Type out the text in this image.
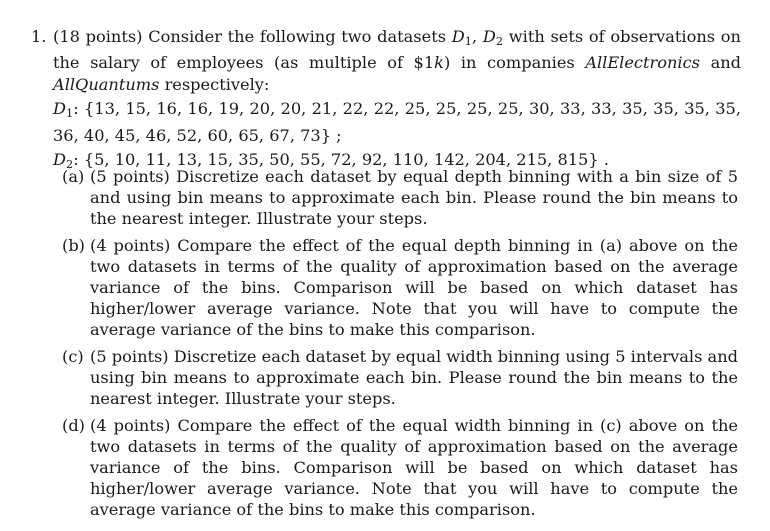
1. (18 points) Consider the following two datasets $D_1$, $D_2$ with sets of observations on the salary of employees (as multiple of $1k) in companies AllElectronics and AllQuantums respectively:

$D_1$: {13, 15, 16, 16, 19, 20, 20, 21, 22, 22, 25, 25, 25, 25, 30, 33, 33, 35, 35, 35, 35, 36, 40, 45, 46, 52, 60, 65, 67, 73} ;

$D_2$: {5, 10, 11, 13, 15, 35, 50, 55, 72, 92, 110, 142, 204, 215, 815} .

(a) (5 points) Discretize each dataset by equal depth binning with a bin size of 5 and using bin means to approximate each bin. Please round the bin means to the nearest integer. Illustrate your steps.
(b) (4 points) Compare the effect of the equal depth binning in (a) above on the two datasets in terms of the quality of approximation based on the average variance of the bins. Comparison will be based on which dataset has higher/lower average variance. Note that you will have to compute the average variance of the bins to make this comparison.
(c) (5 points) Discretize each dataset by equal width binning using 5 intervals and using bin means to approximate each bin. Please round the bin means to the nearest integer. Illustrate your steps.
(d) (4 points) Compare the effect of the equal width binning in (c) above on the two datasets in terms of the quality of approximation based on the average variance of the bins. Comparison will be based on which dataset has higher/lower average variance. Note that you will have to compute the average variance of the bins to make this comparison.
